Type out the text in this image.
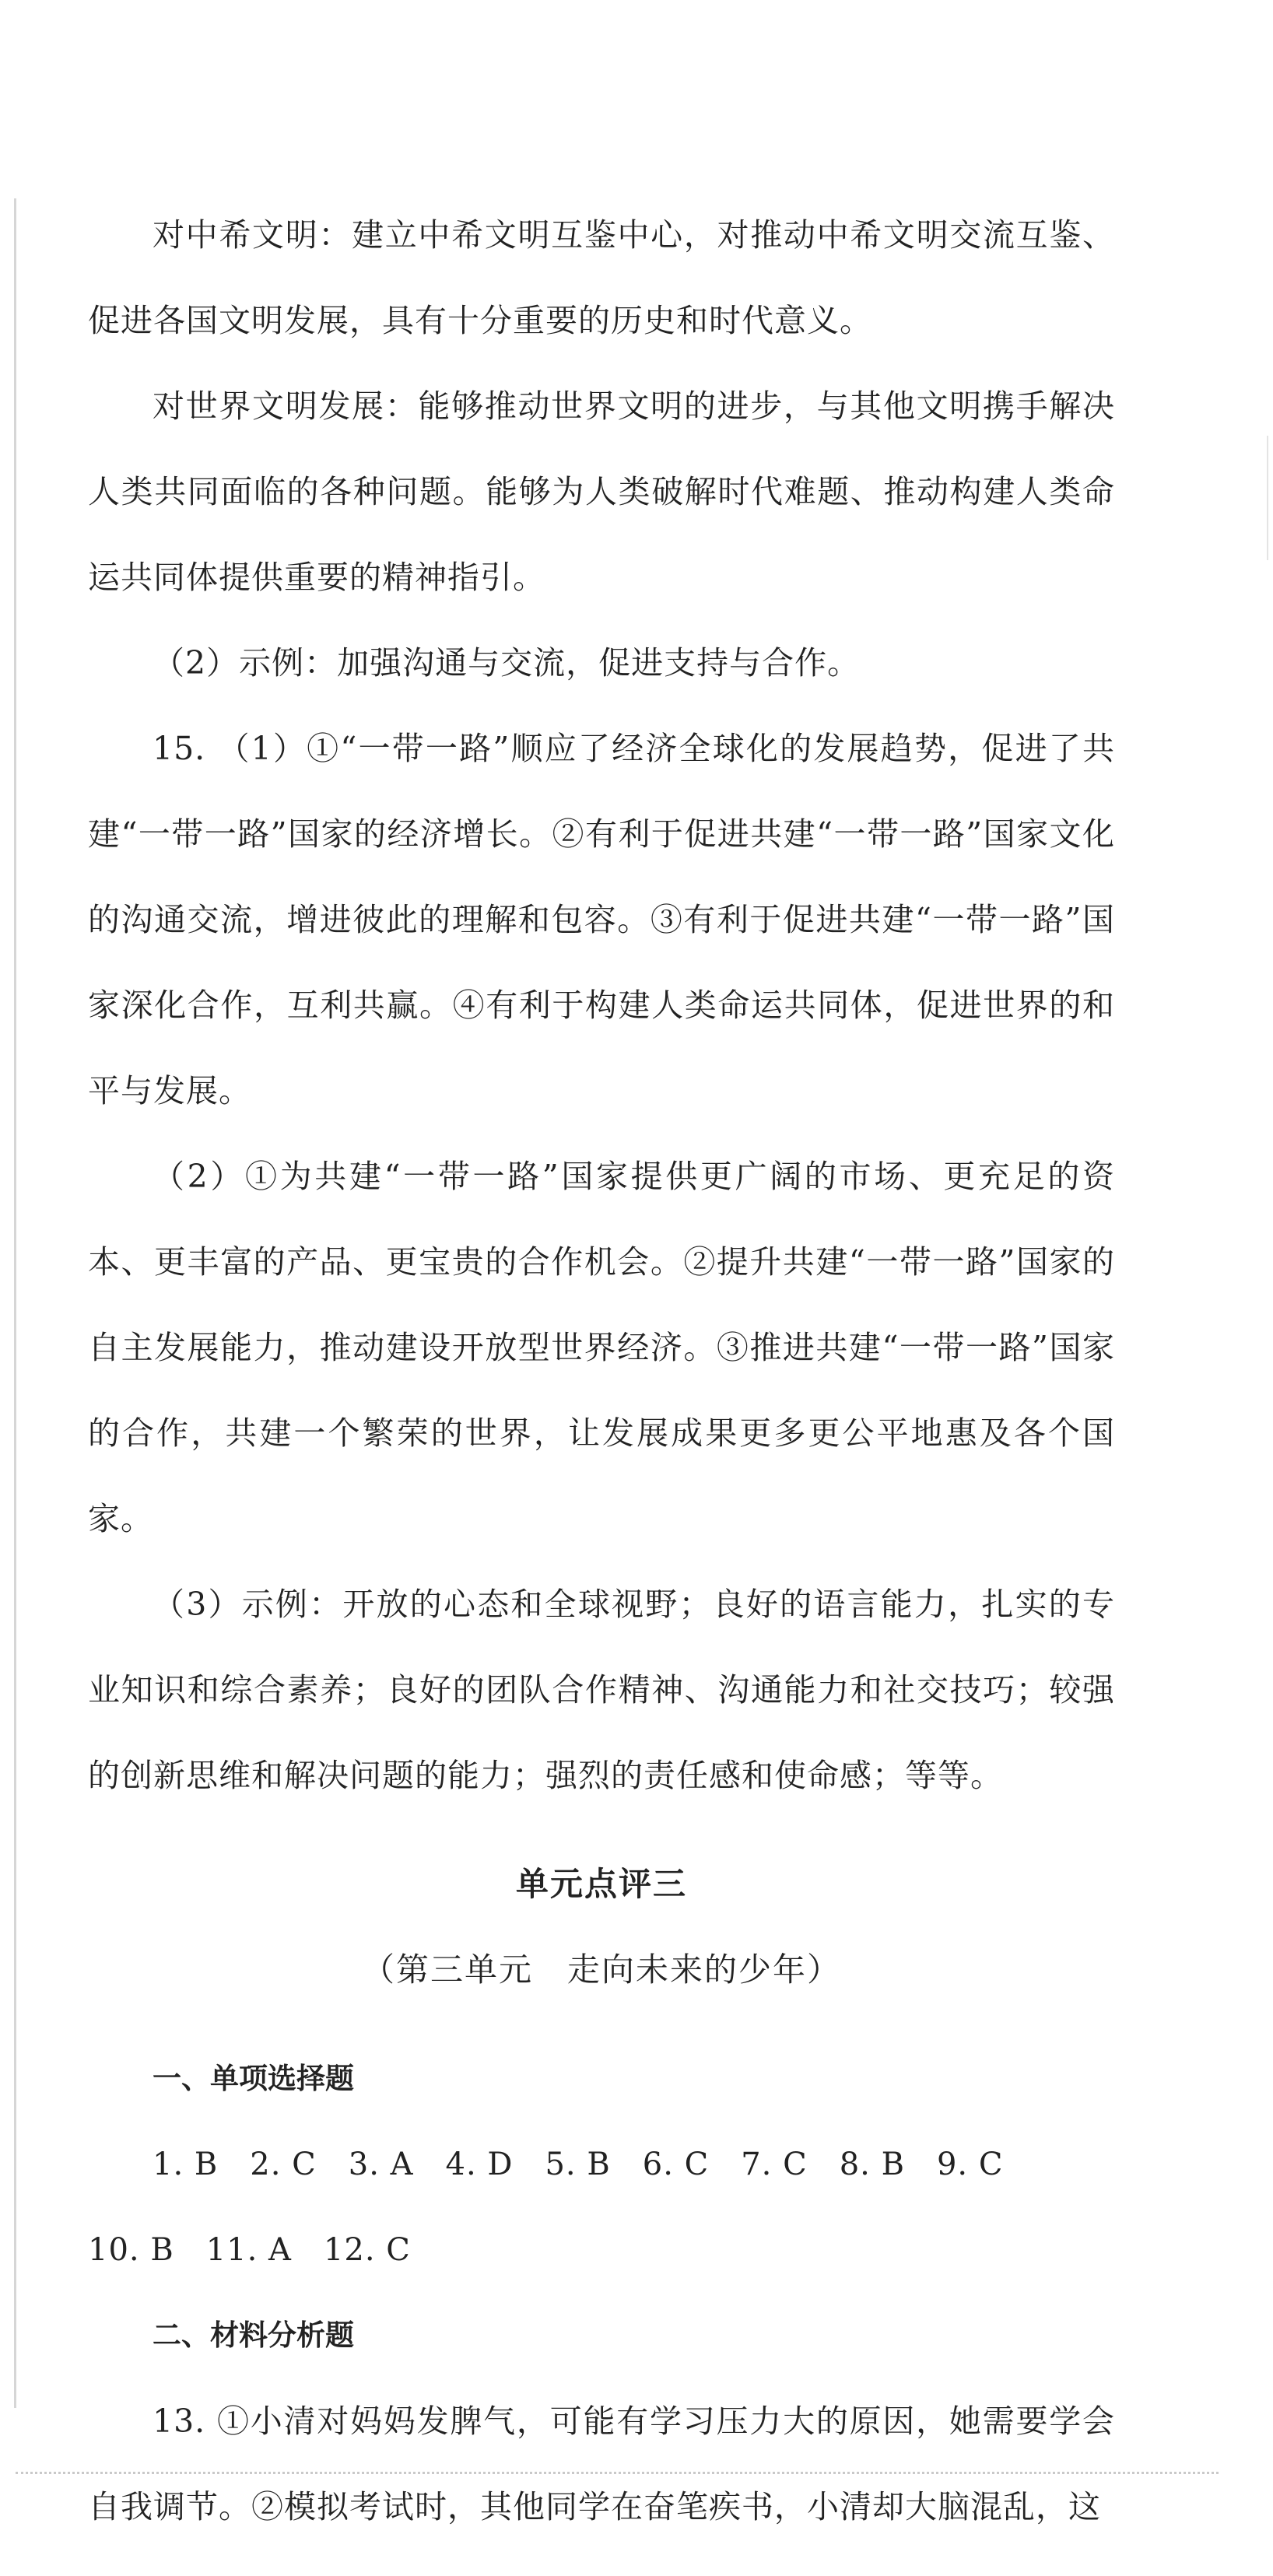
对中希文明：建立中希文明互鉴中心，对推动中希文明交流互鉴、促进各国文明发展，具有十分重要的历史和时代意义。

对世界文明发展：能够推动世界文明的进步，与其他文明携手解决人类共同面临的各种问题。能够为人类破解时代难题、推动构建人类命运共同体提供重要的精神指引。

（2）示例：加强沟通与交流，促进支持与合作。

15. （1）①“一带一路”顺应了经济全球化的发展趋势，促进了共建“一带一路”国家的经济增长。②有利于促进共建“一带一路”国家文化的沟通交流，增进彼此的理解和包容。③有利于促进共建“一带一路”国家深化合作，互利共赢。④有利于构建人类命运共同体，促进世界的和平与发展。

（2）①为共建“一带一路”国家提供更广阔的市场、更充足的资本、更丰富的产品、更宝贵的合作机会。②提升共建“一带一路”国家的自主发展能力，推动建设开放型世界经济。③推进共建“一带一路”国家的合作，共建一个繁荣的世界，让发展成果更多更公平地惠及各个国家。

（3）示例：开放的心态和全球视野；良好的语言能力，扎实的专业知识和综合素养；良好的团队合作精神、沟通能力和社交技巧；较强的创新思维和解决问题的能力；强烈的责任感和使命感；等等。

单元点评三

（第三单元　走向未来的少年）

一、单项选择题

1. B　2. C　3. A　4. D　5. B　6. C　7. C　8. B　9. C

10. B　11. A　12. C

二、材料分析题

13. ①小清对妈妈发脾气，可能有学习压力大的原因，她需要学会自我调节。②模拟考试时，其他同学在奋笔疾书，小清却大脑混乱，这
